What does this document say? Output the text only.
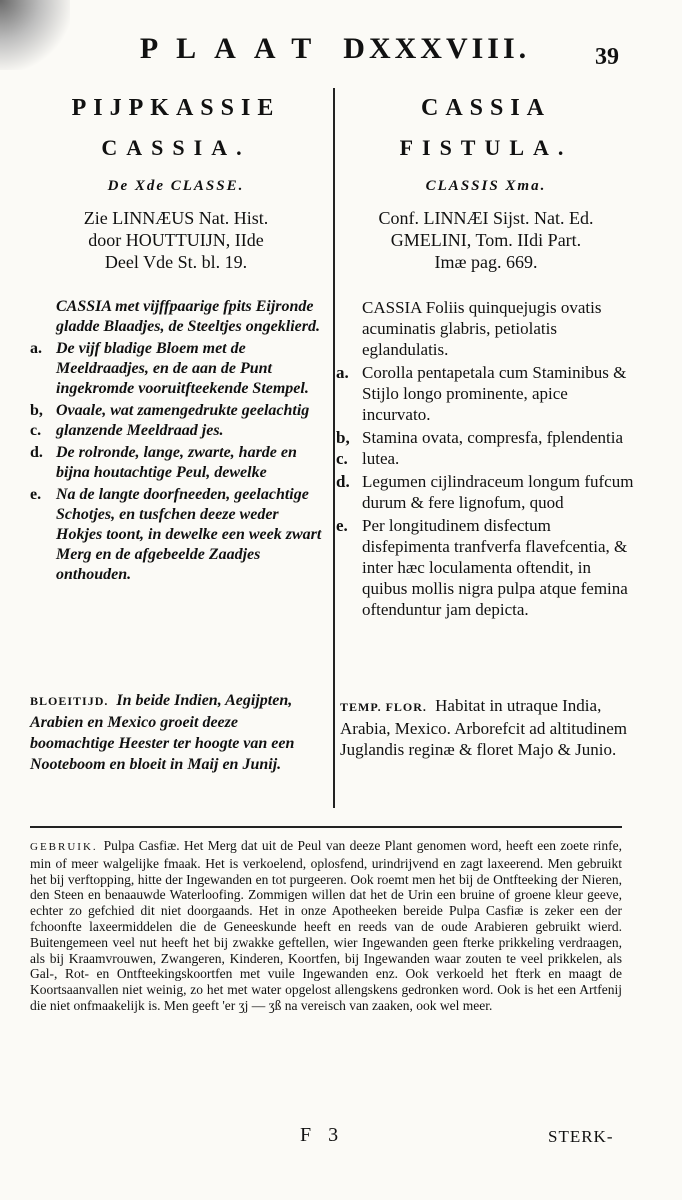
PLAAT DXXXVIII.	39
PIJPKASSIE
CASSIA.
De Xde CLASSE.
Zie LINNÆUS Nat. Hist.
door HOUTTUIJN, IIde
Deel Vde St. bl. 19.
CASSIA met vijffpaarige fpits Eijronde gladde Blaadjes, de Steeltjes ongeklierd.
a. De vijf bladige Bloem met de Meeldraadjes, en de aan de Punt ingekromde vooruitfteekende Stempel.
b, c.
Ovaale, wat zamengedrukte geelachtig glanzende Meeldraad jes.
d. De rolronde, lange, zwarte, harde en bijna houtachtige Peul, dewelke
e. Na de langte doorfneeden, geelachtige Schotjes, en tusfchen deeze weder Hokjes toont, in dewelke een week zwart Merg en de afgebeelde Zaadjes onthouden.
CASSIA
FISTULA.
CLASSIS Xma.
Conf. LINNÆI Sijst. Nat. Ed.
GMELINI, Tom. IIdi Part.
Imæ pag. 669.
CASSIA Foliis quinquejugis ovatis acuminatis glabris, petiolatis eglandulatis.
a. Corolla pentapetala cum Staminibus & Stijlo longo prominente, apice incurvato.
b, c.
Stamina ovata, compresfa, fplendentia lutea.
d. Legumen cijlindraceum longum fufcum durum & fere lignofum, quod
e. Per longitudinem disfectum disfepimenta tranfverfa flavefcentia, & inter hæc loculamenta oftendit, in quibus mollis nigra pulpa atque femina oftenduntur jam depicta.
BLOEITIJD. In beide Indien, Aegijpten, Arabien en Mexico groeit deeze boomachtige Heester ter hoogte van een Nooteboom en bloeit in Maij en Junij.
TEMP. FLOR. Habitat in utraque India, Arabia, Mexico. Arborefcit ad altitudinem Juglandis reginæ & floret Majo & Junio.
GEBRUIK. Pulpa Casfiæ. Het Merg dat uit de Peul van deeze Plant genomen word, heeft een zoete rinfe, min of meer walgelijke fmaak. Het is verkoelend, oplosfend, urindrijvend en zagt laxeerend. Men gebruikt het bij verftopping, hitte der Ingewanden en tot purgeeren. Ook roemt men het bij de Ontfteeking der Nieren, den Steen en benaauwde Waterloofing. Zommigen willen dat het de Urin een bruine of groene kleur geeve, echter zo gefchied dit niet doorgaands. Het in onze Apotheeken bereide Pulpa Casfiæ is zeker een der fchoonfte laxeermiddelen die de Geneeskunde heeft en reeds van de oude Arabieren gebruikt wierd. Buitengemeen veel nut heeft het bij zwakke geftellen, wier Ingewanden geen fterke prikkeling verdraagen, als bij Kraamvrouwen, Zwangeren, Kinderen, Koortfen, bij Ingewanden waar zouten te veel prikkelen, als Gal-, Rot- en Ontfteekingskoortfen met vuile Ingewanden enz. Ook verkoeld het fterk en maagt de Koortsaanvallen niet weinig, zo het met water opgelost allengskens gedronken word. Ook is het een Artfenij die niet onfmaakelijk is. Men geeft 'er ʒj — ʒß na vereisch van zaaken, ook wel meer.
F 3	STERK-
